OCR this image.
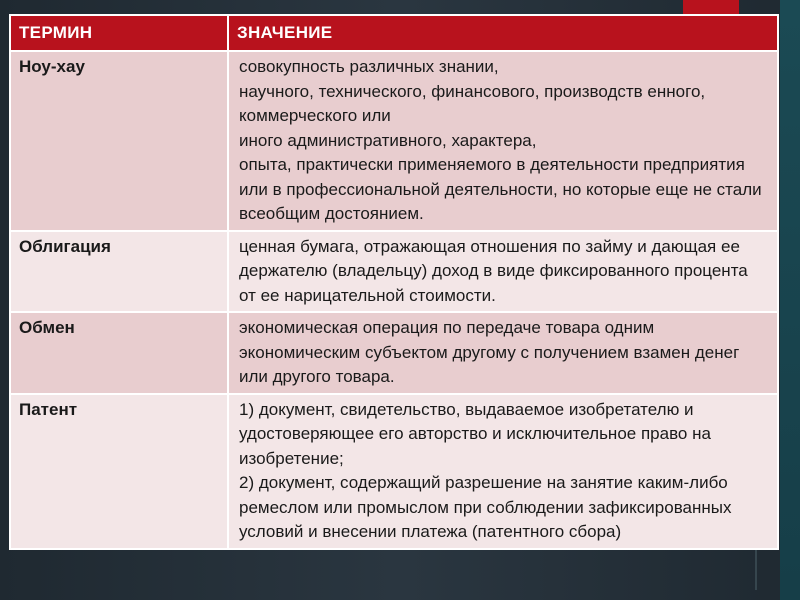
ТЕРМИН	ЗНАЧЕНИЕ
Ноу-хау	совокупность различных знании,
научного, технического, финансового, производств енного, коммерческого или
иного административного, характера,
опыта, практически применяемого в деятельности предприятия или в профессиональной деятельности, но которые еще не стали всеобщим достоянием.
Облигация	ценная бумага, отражающая отношения по займу и дающая ее держателю (владельцу) доход в виде фиксированного процента от ее нарицательной стоимости.
Обмен	экономическая операция по передаче товара одним экономическим субъектом другому с получением взамен денег или другого товара.
Патент	1) документ, свидетельство, выдаваемое изобретателю и удостоверяющее его авторство и исключительное право на изобретение;
2) документ, содержащий разрешение на занятие каким-либо ремеслом или промыслом при соблюдении зафиксированных условий и внесении платежа (патентного сбора)
